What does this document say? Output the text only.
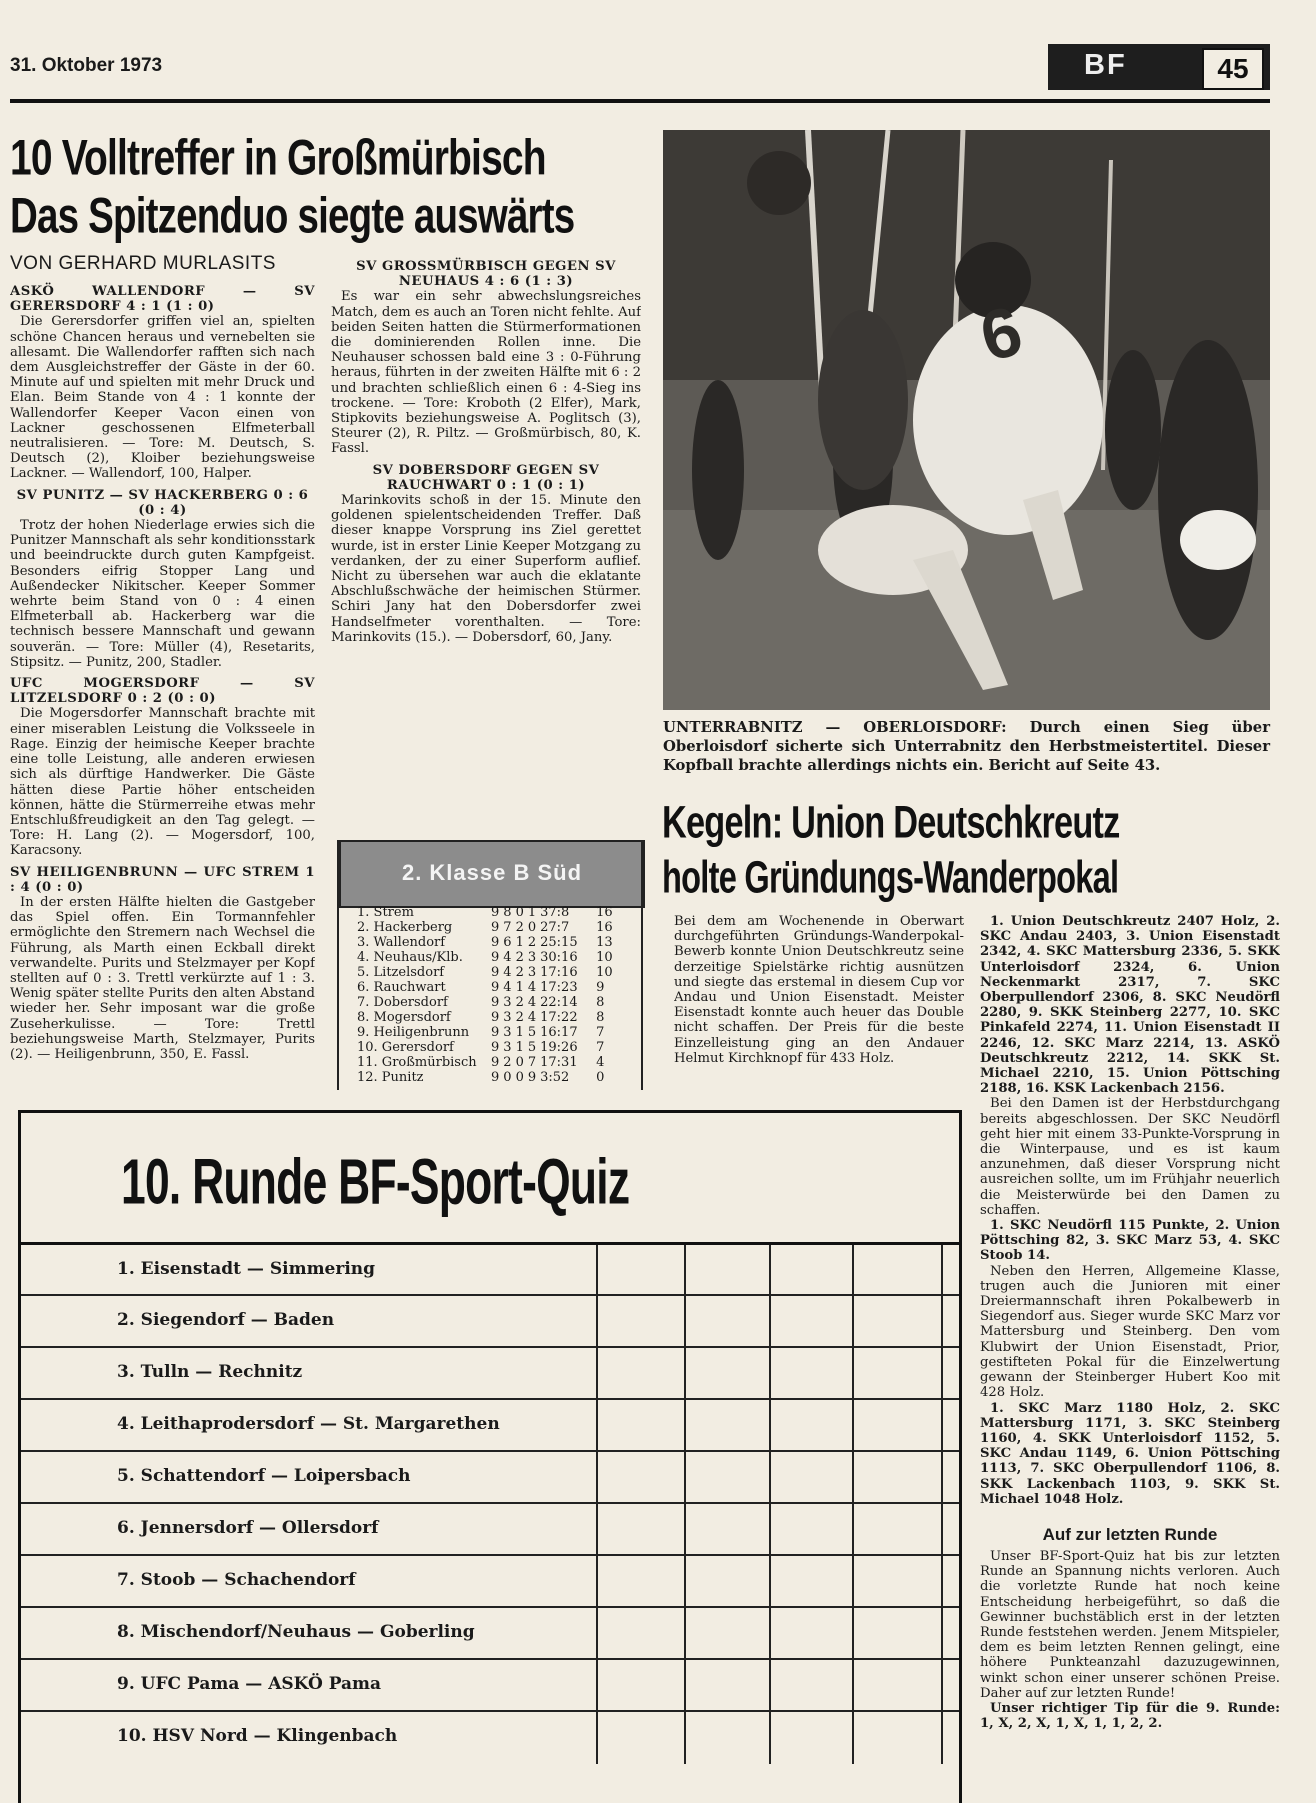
31. Oktober 1973	BF	45
10 Volltreffer in Großmürbisch
Das Spitzenduo siegte auswärts
VON GERHARD MURLASITS

ASKÖ WALLENDORF — SV GERERSDORF 4 : 1 (1 : 0)

Die Gerersdorfer griffen viel an, spielten schöne Chancen heraus und vernebelten sie allesamt. Die Wallendorfer rafften sich nach dem Ausgleichstreffer der Gäste in der 60. Minute auf und spielten mit mehr Druck und Elan. Beim Stande von 4 : 1 konnte der Wallendorfer Keeper Vacon einen von Lackner geschossenen Elfmeterball neutralisieren. — Tore: M. Deutsch, S. Deutsch (2), Kloiber beziehungsweise Lackner. — Wallendorf, 100, Halper.

SV PUNITZ — SV HACKERBERG 0 : 6 (0 : 4)

Trotz der hohen Niederlage erwies sich die Punitzer Mannschaft als sehr konditionsstark und beeindruckte durch guten Kampfgeist. Besonders eifrig Stopper Lang und Außendecker Nikitscher. Keeper Sommer wehrte beim Stand von 0 : 4 einen Elfmeterball ab. Hackerberg war die technisch bessere Mannschaft und gewann souverän. — Tore: Müller (4), Resetarits, Stipsitz. — Punitz, 200, Stadler.

UFC MOGERSDORF — SV LITZELSDORF 0 : 2 (0 : 0)

Die Mogersdorfer Mannschaft brachte mit einer miserablen Leistung die Volksseele in Rage. Einzig der heimische Keeper brachte eine tolle Leistung, alle anderen erwiesen sich als dürftige Handwerker. Die Gäste hätten diese Partie höher entscheiden können, hätte die Stürmerreihe etwas mehr Entschlußfreudigkeit an den Tag gelegt. — Tore: H. Lang (2). — Mogersdorf, 100, Karacsony.

SV HEILIGENBRUNN — UFC STREM 1 : 4 (0 : 0)

In der ersten Hälfte hielten die Gastgeber das Spiel offen. Ein Tormannfehler ermöglichte den Stremern nach Wechsel die Führung, als Marth einen Eckball direkt verwandelte. Purits und Stelzmayer per Kopf stellten auf 0 : 3. Trettl verkürzte auf 1 : 3. Wenig später stellte Purits den alten Abstand wieder her. Sehr imposant war die große Zuseherkulisse. — Tore: Trettl beziehungsweise Marth, Stelzmayer, Purits (2). — Heiligenbrunn, 350, E. Fassl.

SV GROSSMÜRBISCH GEGEN SV NEUHAUS 4 : 6 (1 : 3)

Es war ein sehr abwechslungsreiches Match, dem es auch an Toren nicht fehlte. Auf beiden Seiten hatten die Stürmerformationen die dominierenden Rollen inne. Die Neuhauser schossen bald eine 3 : 0-Führung heraus, führten in der zweiten Hälfte mit 6 : 2 und brachten schließlich einen 6 : 4-Sieg ins trockene. — Tore: Kroboth (2 Elfer), Mark, Stipkovits beziehungsweise A. Poglitsch (3), Steurer (2), R. Piltz. — Großmürbisch, 80, K. Fassl.

SV DOBERSDORF GEGEN SV RAUCHWART 0 : 1 (0 : 1)

Marinkovits schoß in der 15. Minute den goldenen spielentscheidenden Treffer. Daß dieser knappe Vorsprung ins Ziel gerettet wurde, ist in erster Linie Keeper Motzgang zu verdanken, der zu einer Superform auflief. Nicht zu übersehen war auch die eklatante Abschlußschwäche der heimischen Stürmer. Schiri Jany hat den Dobersdorfer zwei Handselfmeter vorenthalten. — Tore: Marinkovits (15.). — Dobersdorf, 60, Jany.

6
UNTERRABNITZ — OBERLOISDORF: Durch einen Sieg über Oberloisdorf sicherte sich Unterrabnitz den Herbstmeistertitel. Dieser Kopfball brachte allerdings nichts ein. Bericht auf Seite 43.
2. Klasse B Süd
1. Strem	9	8	0	1	37:8	16
2. Hackerberg	9	7	2	0	27:7	16
3. Wallendorf	9	6	1	2	25:15	13
4. Neuhaus/Klb.	9	4	2	3	30:16	10
5. Litzelsdorf	9	4	2	3	17:16	10
6. Rauchwart	9	4	1	4	17:23	9
7. Dobersdorf	9	3	2	4	22:14	8
8. Mogersdorf	9	3	2	4	17:22	8
9. Heiligenbrunn	9	3	1	5	16:17	7
10. Gerersdorf	9	3	1	5	19:26	7
11. Großmürbisch	9	2	0	7	17:31	4
12. Punitz	9	0	0	9	3:52	0
Kegeln: Union Deutschkreutz
holte Gründungs-Wanderpokal
Bei dem am Wochenende in Oberwart durchgeführten Gründungs-Wanderpokal-Bewerb konnte Union Deutschkreutz seine derzeitige Spielstärke richtig ausnützen und siegte das erstemal in diesem Cup vor Andau und Union Eisenstadt. Meister Eisenstadt konnte auch heuer das Double nicht schaffen. Der Preis für die beste Einzelleistung ging an den Andauer Helmut Kirchknopf für 433 Holz.

1. Union Deutschkreutz 2407 Holz, 2. SKC Andau 2403, 3. Union Eisenstadt 2342, 4. SKC Mattersburg 2336, 5. SKK Unterloisdorf 2324, 6. Union Neckenmarkt 2317, 7. SKC Oberpullendorf 2306, 8. SKC Neudörfl 2280, 9. SKK Steinberg 2277, 10. SKC Pinkafeld 2274, 11. Union Eisenstadt II 2246, 12. SKC Marz 2214, 13. ASKÖ Deutschkreutz 2212, 14. SKK St. Michael 2210, 15. Union Pöttsching 2188, 16. KSK Lackenbach 2156.

Bei den Damen ist der Herbstdurchgang bereits abgeschlossen. Der SKC Neudörfl geht hier mit einem 33-Punkte-Vorsprung in die Winterpause, und es ist kaum anzunehmen, daß dieser Vorsprung nicht ausreichen sollte, um im Frühjahr neuerlich die Meisterwürde bei den Damen zu schaffen.

1. SKC Neudörfl 115 Punkte, 2. Union Pöttsching 82, 3. SKC Marz 53, 4. SKC Stoob 14.

Neben den Herren, Allgemeine Klasse, trugen auch die Junioren mit einer Dreiermannschaft ihren Pokalbewerb in Siegendorf aus. Sieger wurde SKC Marz vor Mattersburg und Steinberg. Den vom Klubwirt der Union Eisenstadt, Prior, gestifteten Pokal für die Einzelwertung gewann der Steinberger Hubert Koo mit 428 Holz.

1. SKC Marz 1180 Holz, 2. SKC Mattersburg 1171, 3. SKC Steinberg 1160, 4. SKK Unterloisdorf 1152, 5. SKC Andau 1149, 6. Union Pöttsching 1113, 7. SKC Oberpullendorf 1106, 8. SKK Lackenbach 1103, 9. SKK St. Michael 1048 Holz.

Auf zur letzten Runde
Unser BF-Sport-Quiz hat bis zur letzten Runde an Spannung nichts verloren. Auch die vorletzte Runde hat noch keine Entscheidung herbeigeführt, so daß die Gewinner buchstäblich erst in der letzten Runde feststehen werden. Jenem Mitspieler, dem es beim letzten Rennen gelingt, eine höhere Punkteanzahl dazuzugewinnen, winkt schon einer unserer schönen Preise. Daher auf zur letzten Runde!
Unser richtiger Tip für die 9. Runde: 1, X, 2, X, 1, X, 1, 1, 2, 2.
10. Runde BF-Sport-Quiz
1. Eisenstadt — Simmering
2. Siegendorf — Baden
3. Tulln — Rechnitz
4. Leithaprodersdorf — St. Margarethen
5. Schattendorf — Loipersbach
6. Jennersdorf — Ollersdorf
7. Stoob — Schachendorf
8. Mischendorf/Neuhaus — Goberling
9. UFC Pama — ASKÖ Pama
10. HSV Nord — Klingenbach
